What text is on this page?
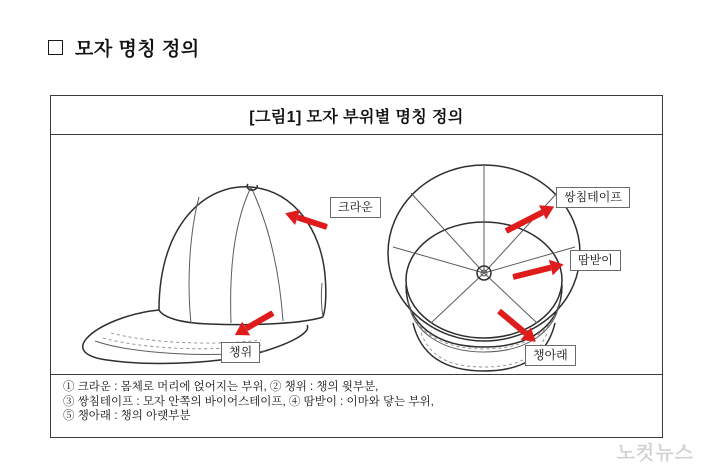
모자 명칭 정의
[그림1] 모자 부위별 명칭 정의
크라운
쌍침테이프
땀받이
챙위	챙아래
① 크라운 : 몸체로 머리에 얹어지는 부위, ② 챙위 : 챙의 윗부분,
③ 쌍침테이프 : 모자 안쪽의 바이어스테이프, ④ 땀받이 : 이마와 닿는 부위,
⑤ 챙아래 : 챙의 아랫부분
노컷뉴스
